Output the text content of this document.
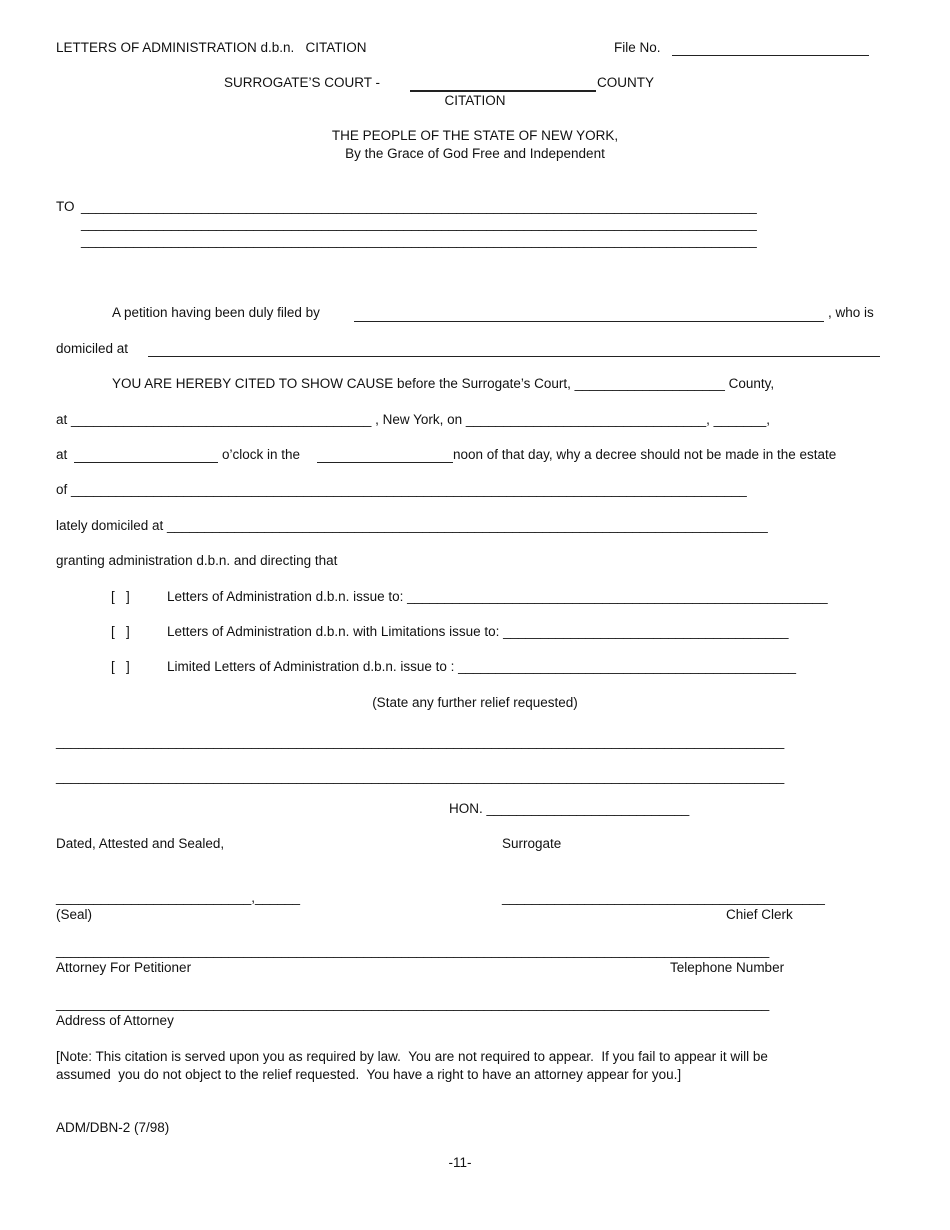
LETTERS OF ADMINISTRATION d.b.n.   CITATION	File No.
SURROGATE’S COURT -	COUNTY
CITATION
THE PEOPLE OF THE STATE OF NEW YORK,
By the Grace of God Free and Independent
TO __________________________________________________________________________________________
__________________________________________________________________________________________
__________________________________________________________________________________________
A petition having been duly filed by	, who is
domiciled at
YOU ARE HEREBY CITED TO SHOW CAUSE before the Surrogate’s Court, ____________________ County,
at ________________________________________ , New York, on ________________________________, _______,
at	o’clock in the	noon of that day, why a decree should not be made in the estate
of __________________________________________________________________________________________
lately domiciled at ________________________________________________________________________________
granting administration d.b.n. and directing that
[   ]	Letters of Administration d.b.n. issue to: ________________________________________________________
[   ]	Letters of Administration d.b.n. with Limitations issue to: ______________________________________
[   ]	Limited Letters of Administration d.b.n. issue to : _____________________________________________
(State any further relief requested)
_________________________________________________________________________________________________
_________________________________________________________________________________________________
HON. ___________________________
Dated, Attested and Sealed,	Surrogate
__________________________,______	___________________________________________
(Seal)	Chief Clerk
_______________________________________________________________________________________________
Attorney For Petitioner	Telephone Number
_______________________________________________________________________________________________
Address of Attorney
[Note: This citation is served upon you as required by law.  You are not required to appear.  If you fail to appear it will be
assumed  you do not object to the relief requested.  You have a right to have an attorney appear for you.]
ADM/DBN-2 (7/98)
-11-
